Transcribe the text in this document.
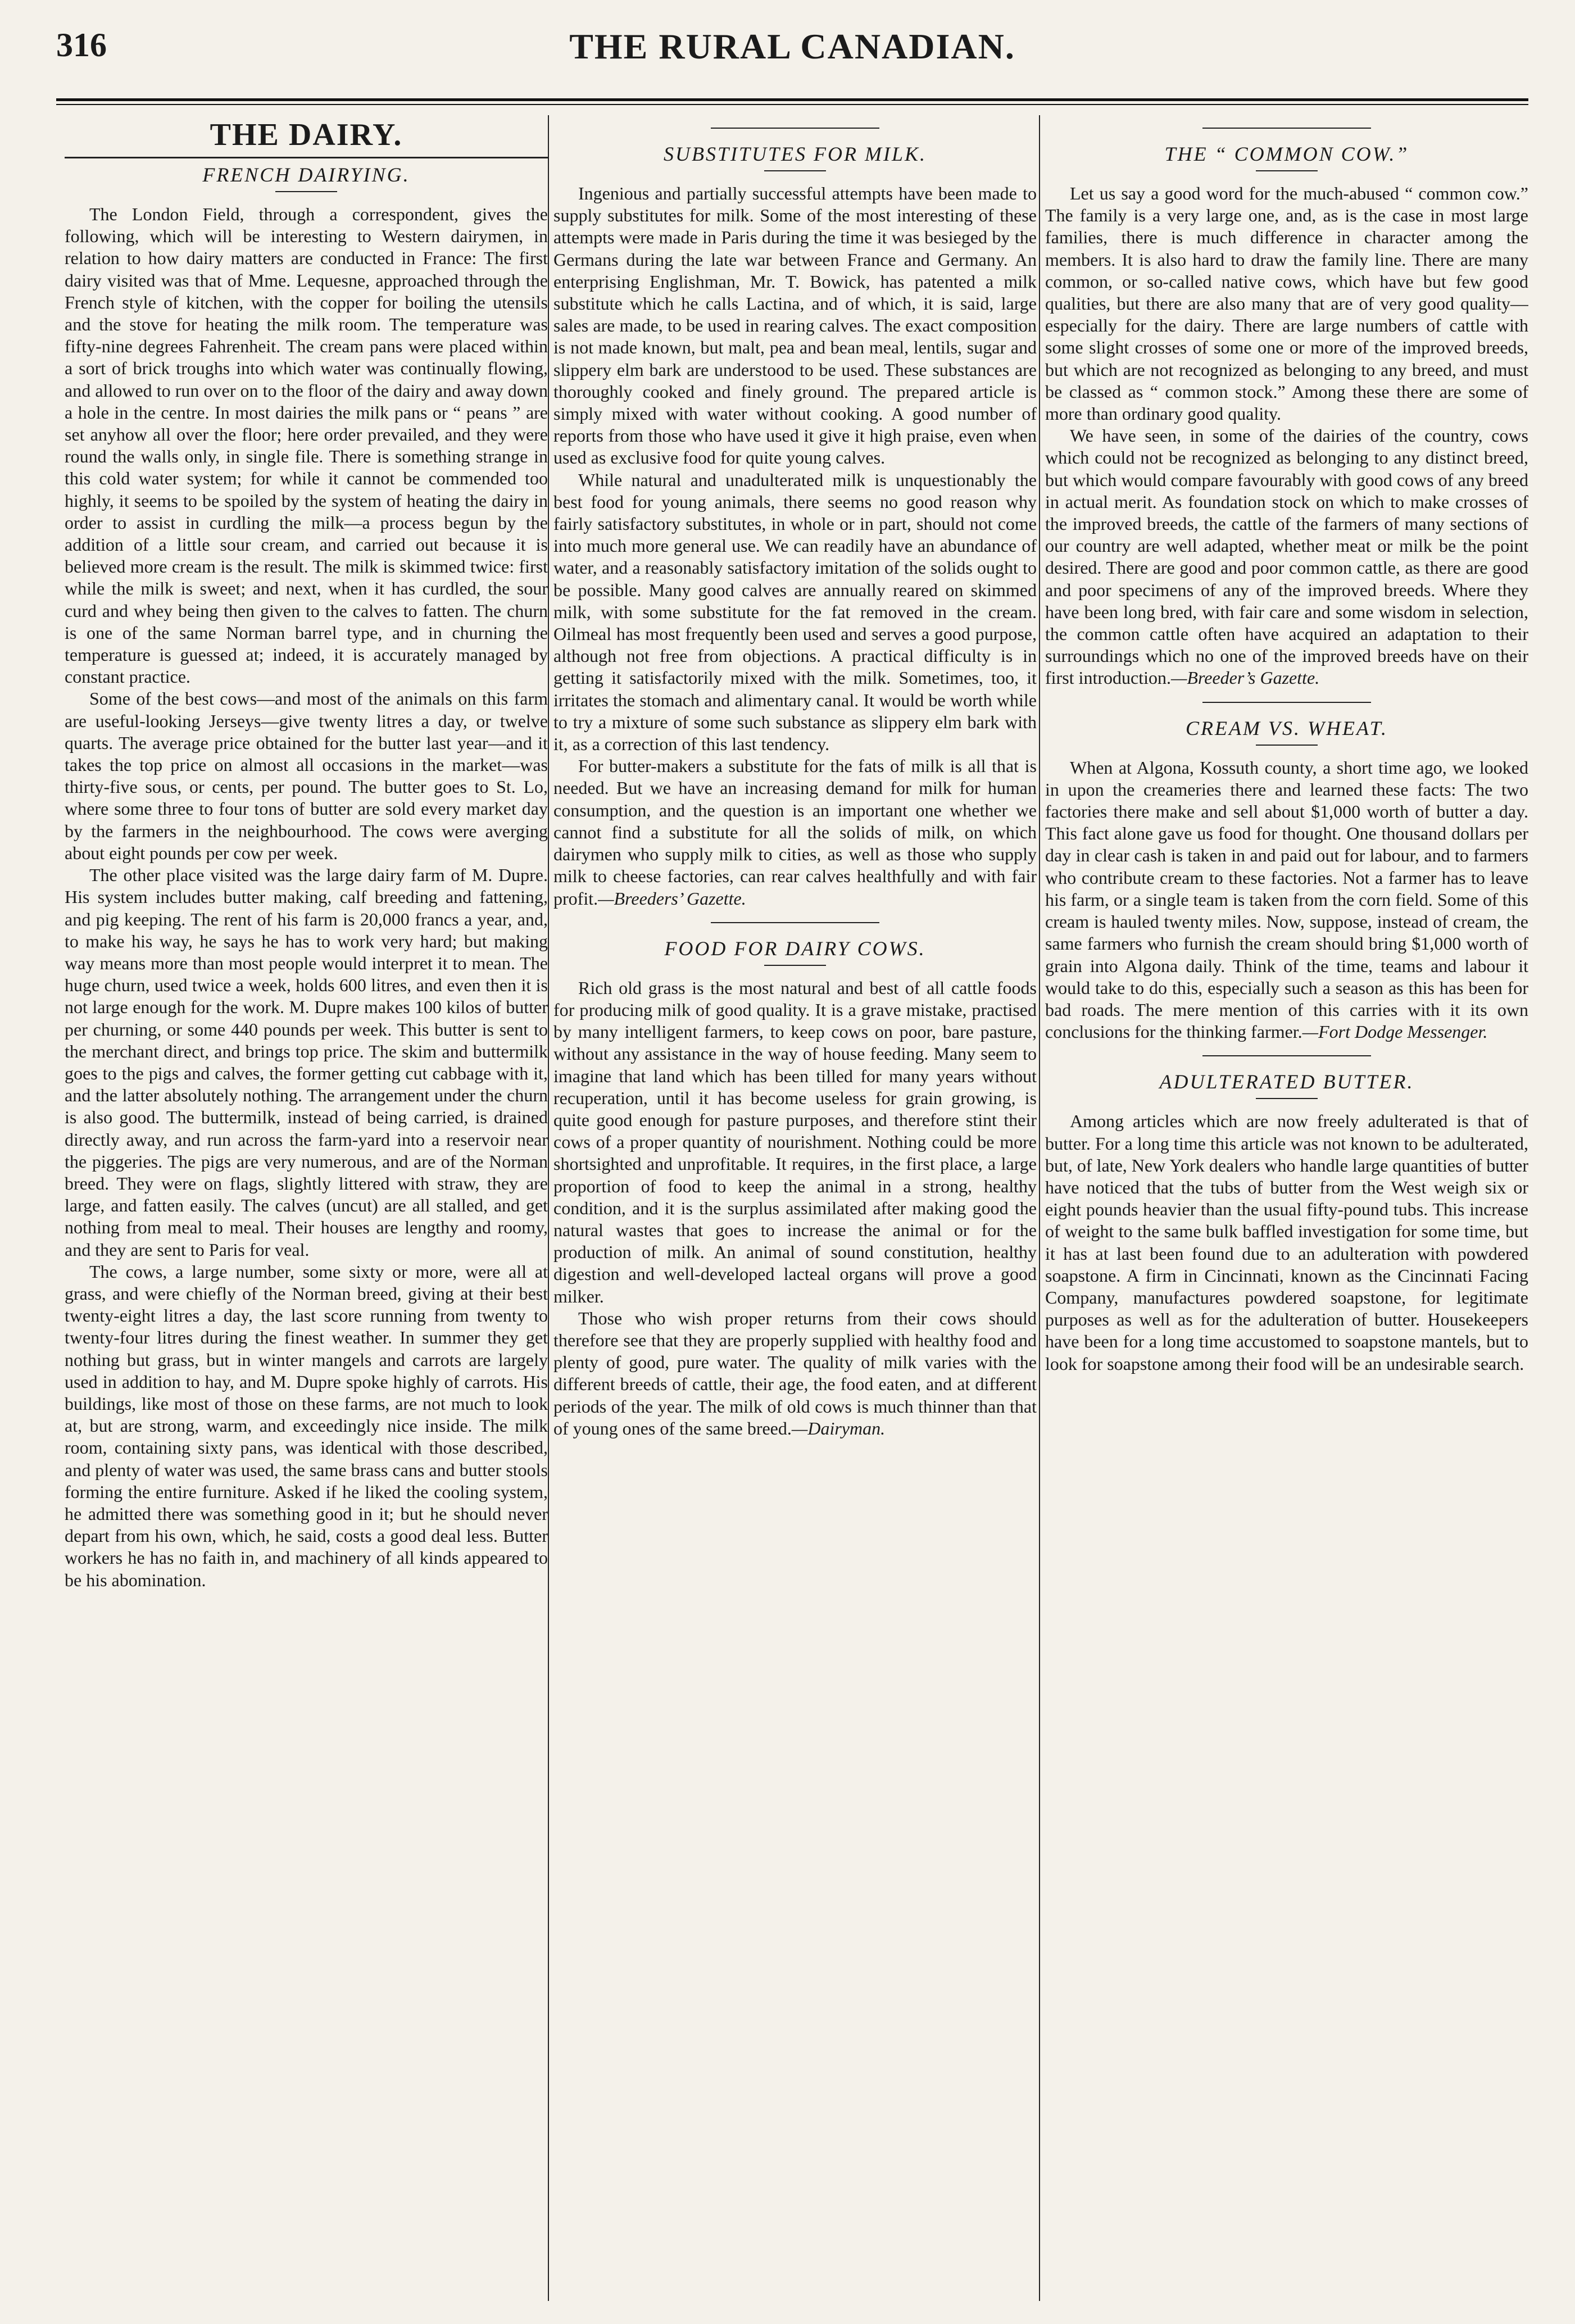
316	THE RURAL CANADIAN.
THE DAIRY.
FRENCH DAIRYING.

The London Field, through a correspondent, gives the following, which will be interesting to Western dairymen, in relation to how dairy matters are conducted in France: The first dairy visited was that of Mme. Lequesne, approached through the French style of kitchen, with the copper for boiling the utensils and the stove for heating the milk room. The temperature was fifty-nine degrees Fahrenheit. The cream pans were placed within a sort of brick troughs into which water was continually flowing, and allowed to run over on to the floor of the dairy and away down a hole in the centre. In most dairies the milk pans or “ peans ” are set anyhow all over the floor; here order prevailed, and they were round the walls only, in single file. There is something strange in this cold water system; for while it cannot be commended too highly, it seems to be spoiled by the system of heating the dairy in order to assist in curdling the milk—a process begun by the addition of a little sour cream, and carried out because it is believed more cream is the result. The milk is skimmed twice: first while the milk is sweet; and next, when it has curdled, the sour curd and whey being then given to the calves to fatten. The churn is one of the same Norman barrel type, and in churning the temperature is guessed at; indeed, it is accurately managed by constant practice.

Some of the best cows—and most of the animals on this farm are useful-looking Jerseys—give twenty litres a day, or twelve quarts. The average price obtained for the butter last year—and it takes the top price on almost all occasions in the market—was thirty-five sous, or cents, per pound. The butter goes to St. Lo, where some three to four tons of butter are sold every market day by the farmers in the neighbourhood. The cows were averging about eight pounds per cow per week.

The other place visited was the large dairy farm of M. Dupre. His system includes butter making, calf breeding and fattening, and pig keeping. The rent of his farm is 20,000 francs a year, and, to make his way, he says he has to work very hard; but making way means more than most people would interpret it to mean. The huge churn, used twice a week, holds 600 litres, and even then it is not large enough for the work. M. Dupre makes 100 kilos of butter per churning, or some 440 pounds per week. This butter is sent to the merchant direct, and brings top price. The skim and buttermilk goes to the pigs and calves, the former getting cut cabbage with it, and the latter absolutely nothing. The arrangement under the churn is also good. The buttermilk, instead of being carried, is drained directly away, and run across the farm-yard into a reservoir near the piggeries. The pigs are very numerous, and are of the Norman breed. They were on flags, slightly littered with straw, they are large, and fatten easily. The calves (uncut) are all stalled, and get nothing from meal to meal. Their houses are lengthy and roomy, and they are sent to Paris for veal.

The cows, a large number, some sixty or more, were all at grass, and were chiefly of the Norman breed, giving at their best twenty-eight litres a day, the last score running from twenty to twenty-four litres during the finest weather. In summer they get nothing but grass, but in winter mangels and carrots are largely used in addition to hay, and M. Dupre spoke highly of carrots. His buildings, like most of those on these farms, are not much to look at, but are strong, warm, and exceedingly nice inside. The milk room, containing sixty pans, was identical with those described, and plenty of water was used, the same brass cans and butter stools forming the entire furniture. Asked if he liked the cooling system, he admitted there was something good in it; but he should never depart from his own, which, he said, costs a good deal less. Butter workers he has no faith in, and machinery of all kinds appeared to be his abomination.

SUBSTITUTES FOR MILK.

Ingenious and partially successful attempts have been made to supply substitutes for milk. Some of the most interesting of these attempts were made in Paris during the time it was besieged by the Germans during the late war between France and Germany. An enterprising Englishman, Mr. T. Bowick, has patented a milk substitute which he calls Lactina, and of which, it is said, large sales are made, to be used in rearing calves. The exact composition is not made known, but malt, pea and bean meal, lentils, sugar and slippery elm bark are understood to be used. These substances are thoroughly cooked and finely ground. The prepared article is simply mixed with water without cooking. A good number of reports from those who have used it give it high praise, even when used as exclusive food for quite young calves.

While natural and unadulterated milk is unquestionably the best food for young animals, there seems no good reason why fairly satisfactory substitutes, in whole or in part, should not come into much more general use. We can readily have an abundance of water, and a reasonably satisfactory imitation of the solids ought to be possible. Many good calves are annually reared on skimmed milk, with some substitute for the fat removed in the cream. Oilmeal has most frequently been used and serves a good purpose, although not free from objections. A practical difficulty is in getting it satisfactorily mixed with the milk. Sometimes, too, it irritates the stomach and alimentary canal. It would be worth while to try a mixture of some such substance as slippery elm bark with it, as a correction of this last tendency.

For butter-makers a substitute for the fats of milk is all that is needed. But we have an increasing demand for milk for human consumption, and the question is an important one whether we cannot find a substitute for all the solids of milk, on which dairymen who supply milk to cities, as well as those who supply milk to cheese factories, can rear calves healthfully and with fair profit.—Breeders’ Gazette.

FOOD FOR DAIRY COWS.

Rich old grass is the most natural and best of all cattle foods for producing milk of good quality. It is a grave mistake, practised by many intelligent farmers, to keep cows on poor, bare pasture, without any assistance in the way of house feeding. Many seem to imagine that land which has been tilled for many years without recuperation, until it has become useless for grain growing, is quite good enough for pasture purposes, and therefore stint their cows of a proper quantity of nourishment. Nothing could be more shortsighted and unprofitable. It requires, in the first place, a large proportion of food to keep the animal in a strong, healthy condition, and it is the surplus assimilated after making good the natural wastes that goes to increase the animal or for the production of milk. An animal of sound constitution, healthy digestion and well-developed lacteal organs will prove a good milker.

Those who wish proper returns from their cows should therefore see that they are properly supplied with healthy food and plenty of good, pure water. The quality of milk varies with the different breeds of cattle, their age, the food eaten, and at different periods of the year. The milk of old cows is much thinner than that of young ones of the same breed.—Dairyman.

THE “ COMMON COW.”

Let us say a good word for the much-abused “ common cow.” The family is a very large one, and, as is the case in most large families, there is much difference in character among the members. It is also hard to draw the family line. There are many common, or so-called native cows, which have but few good qualities, but there are also many that are of very good quality—especially for the dairy. There are large numbers of cattle with some slight crosses of some one or more of the improved breeds, but which are not recognized as belonging to any breed, and must be classed as “ common stock.” Among these there are some of more than ordinary good quality.

We have seen, in some of the dairies of the country, cows which could not be recognized as belonging to any distinct breed, but which would compare favourably with good cows of any breed in actual merit. As foundation stock on which to make crosses of the improved breeds, the cattle of the farmers of many sections of our country are well adapted, whether meat or milk be the point desired. There are good and poor common cattle, as there are good and poor specimens of any of the improved breeds. Where they have been long bred, with fair care and some wisdom in selection, the common cattle often have acquired an adaptation to their surroundings which no one of the improved breeds have on their first introduction.—Breeder’s Gazette.

CREAM VS. WHEAT.

When at Algona, Kossuth county, a short time ago, we looked in upon the creameries there and learned these facts: The two factories there make and sell about $1,000 worth of butter a day. This fact alone gave us food for thought. One thousand dollars per day in clear cash is taken in and paid out for labour, and to farmers who contribute cream to these factories. Not a farmer has to leave his farm, or a single team is taken from the corn field. Some of this cream is hauled twenty miles. Now, suppose, instead of cream, the same farmers who furnish the cream should bring $1,000 worth of grain into Algona daily. Think of the time, teams and labour it would take to do this, especially such a season as this has been for bad roads. The mere mention of this carries with it its own conclusions for the thinking farmer.—Fort Dodge Messenger.

ADULTERATED BUTTER.

Among articles which are now freely adulterated is that of butter. For a long time this article was not known to be adulterated, but, of late, New York dealers who handle large quantities of butter have noticed that the tubs of butter from the West weigh six or eight pounds heavier than the usual fifty-pound tubs. This increase of weight to the same bulk baffled investigation for some time, but it has at last been found due to an adulteration with powdered soapstone. A firm in Cincinnati, known as the Cincinnati Facing Company, manufactures powdered soapstone, for legitimate purposes as well as for the adulteration of butter. Housekeepers have been for a long time accustomed to soapstone mantels, but to look for soapstone among their food will be an undesirable search.
